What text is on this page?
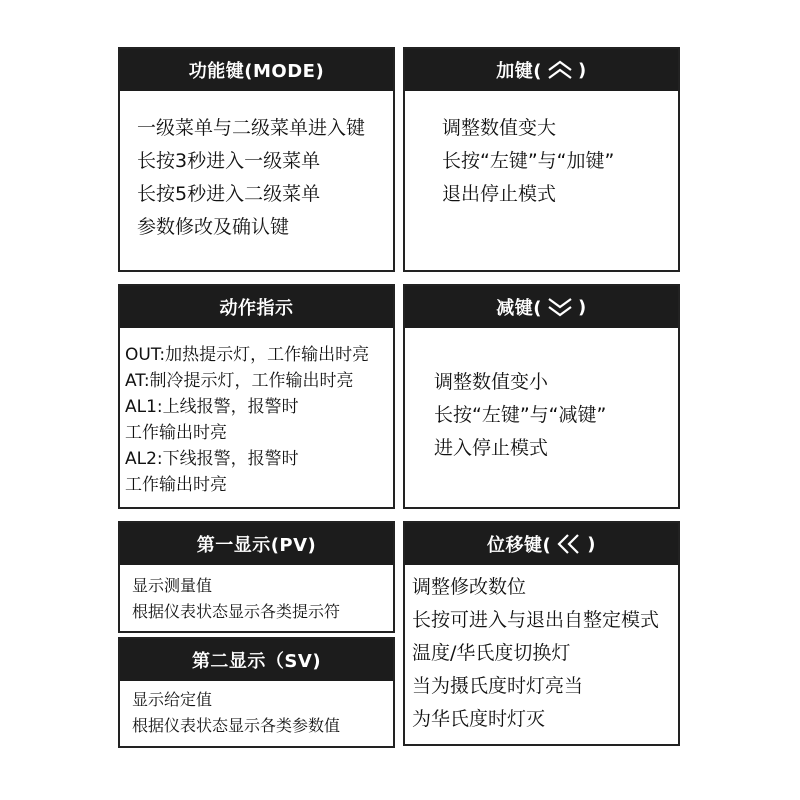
功能键(MODE)
一级菜单与二级菜单进入键
长按3秒进入一级菜单
长按5秒进入二级菜单
参数修改及确认键
加键( )
调整数值变大
长按“左键”与“加键”
退出停止模式
动作指示
OUT:加热提示灯，工作输出时亮
AT:制冷提示灯，工作输出时亮
AL1:上线报警，报警时
工作输出时亮
AL2:下线报警，报警时
工作输出时亮
减键( )
调整数值变小
长按“左键”与“减键”
进入停止模式
第一显示(PV)
显示测量值
根据仪表状态显示各类提示符
第二显示（SV)
显示给定值
根据仪表状态显示各类参数值
位移键( )
调整修改数位
长按可进入与退出自整定模式
温度/华氏度切换灯
当为摄氏度时灯亮当
为华氏度时灯灭
